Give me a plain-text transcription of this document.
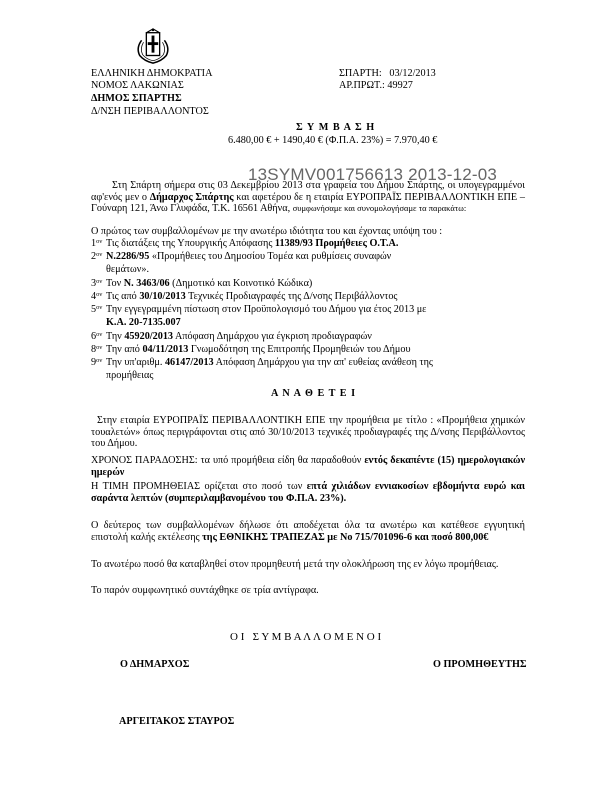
ΕΛΛΗΝΙΚΗ ΔΗΜΟΚΡΑΤΙΑ
ΝΟΜΟΣ ΛΑΚΩΝΙΑΣ
ΔΗΜΟΣ ΣΠΑΡΤΗΣ
Δ/ΝΣΗ ΠΕΡΙΒΑΛΛΟΝΤΟΣ
ΣΠΑΡΤΗ:   03/12/2013
ΑΡ.ΠΡΩΤ.: 49927
Σ Υ Μ Β Α Σ Η
6.480,00 € + 1490,40 € (Φ.Π.Α. 23%) = 7.970,40 €
13SYMV001756613 2013-12-03
Στη Σπάρτη σήμερα στις 03 Δεκεμβρίου 2013 στα γραφεία του Δήμου Σπάρτης, οι υπογεγραμμένοι αφ'ενός μεν ο Δήμαρχος Σπάρτης και αφετέρου δε η εταιρία ΕΥΡΟΠΡΑΪΣ ΠΕΡΙΒΑΛΛΟΝΤΙΚΗ ΕΠΕ – Γούναρη 121, Άνω Γλυφάδα, Τ.Κ. 16561 Αθήνα, συμφωνήσαμε και συνομολογήσαμε τα παρακάτω:
Ο πρώτος των συμβαλλομένων με την ανωτέρω ιδιότητα του και έχοντας υπόψη του :
$1^{o\nu}$ Τις διατάξεις της Υπουργικής Απόφασης 11389/93 Προμήθειες Ο.Τ.Α.
$2^{o\nu}$ Ν.2286/95 «Προμήθειες του Δημοσίου Τομέα και ρυθμίσεις συναφών
θεμάτων».
$3^{o\nu}$ Τον Ν. 3463/06 (Δημοτικό και Κοινοτικό Κώδικα)
$4^{o\nu}$ Τις από 30/10/2013 Τεχνικές Προδιαγραφές της Δ/νσης Περιβάλλοντος
$5^{o\nu}$ Την εγγεγραμμένη πίστωση στον Προϋπολογισμό του Δήμου για έτος 2013 με
Κ.Α. 20-7135.007
$6^{o\nu}$ Την 45920/2013 Απόφαση Δημάρχου για έγκριση προδιαγραφών
$8^{o\nu}$ Την από 04/11/2013 Γνωμοδότηση της Επιτροπής Προμηθειών του Δήμου
$9^{o\nu}$ Την υπ'αριθμ. 46147/2013 Απόφαση Δημάρχου για την απ' ευθείας ανάθεση της
προμήθειας
Α Ν Α Θ Ε Τ Ε Ι
Στην εταιρία ΕΥΡΟΠΡΑΪΣ ΠΕΡΙΒΑΛΛΟΝΤΙΚΗ ΕΠΕ την προμήθεια με τίτλο : «Προμήθεια χημικών τουαλετών» όπως περιγράφονται στις από 30/10/2013 τεχνικές προδιαγραφές της Δ/νσης Περιβάλλοντος του Δήμου.
ΧΡΟΝΟΣ ΠΑΡΑΔΟΣΗΣ: τα υπό προμήθεια είδη θα παραδοθούν εντός δεκαπέντε (15) ημερολογιακών ημερών
Η ΤΙΜΗ ΠΡΟΜΗΘΕΙΑΣ ορίζεται στο ποσό των επτά χιλιάδων εννιακοσίων εβδομήντα ευρώ και σαράντα λεπτών (συμπεριλαμβανομένου του Φ.Π.Α. 23%).
Ο δεύτερος των συμβαλλομένων δήλωσε ότι αποδέχεται όλα τα ανωτέρω και κατέθεσε εγγυητική επιστολή καλής εκτέλεσης της ΕΘΝΙΚΗΣ ΤΡΑΠΕΖΑΣ με Νο 715/701096-6 και ποσό 800,00€
Το ανωτέρω ποσό θα καταβληθεί στον προμηθευτή μετά την ολοκλήρωση της εν λόγω προμήθειας.
Το παρόν συμφωνητικό συντάχθηκε σε τρία αντίγραφα.
Ο Ι   Σ Υ Μ Β Α Λ Λ Ο Μ Ε Ν Ο Ι
Ο ΔΗΜΑΡΧΟΣ	Ο ΠΡΟΜΗΘΕΥΤΗΣ
ΑΡΓΕΙΤΑΚΟΣ ΣΤΑΥΡΟΣ
